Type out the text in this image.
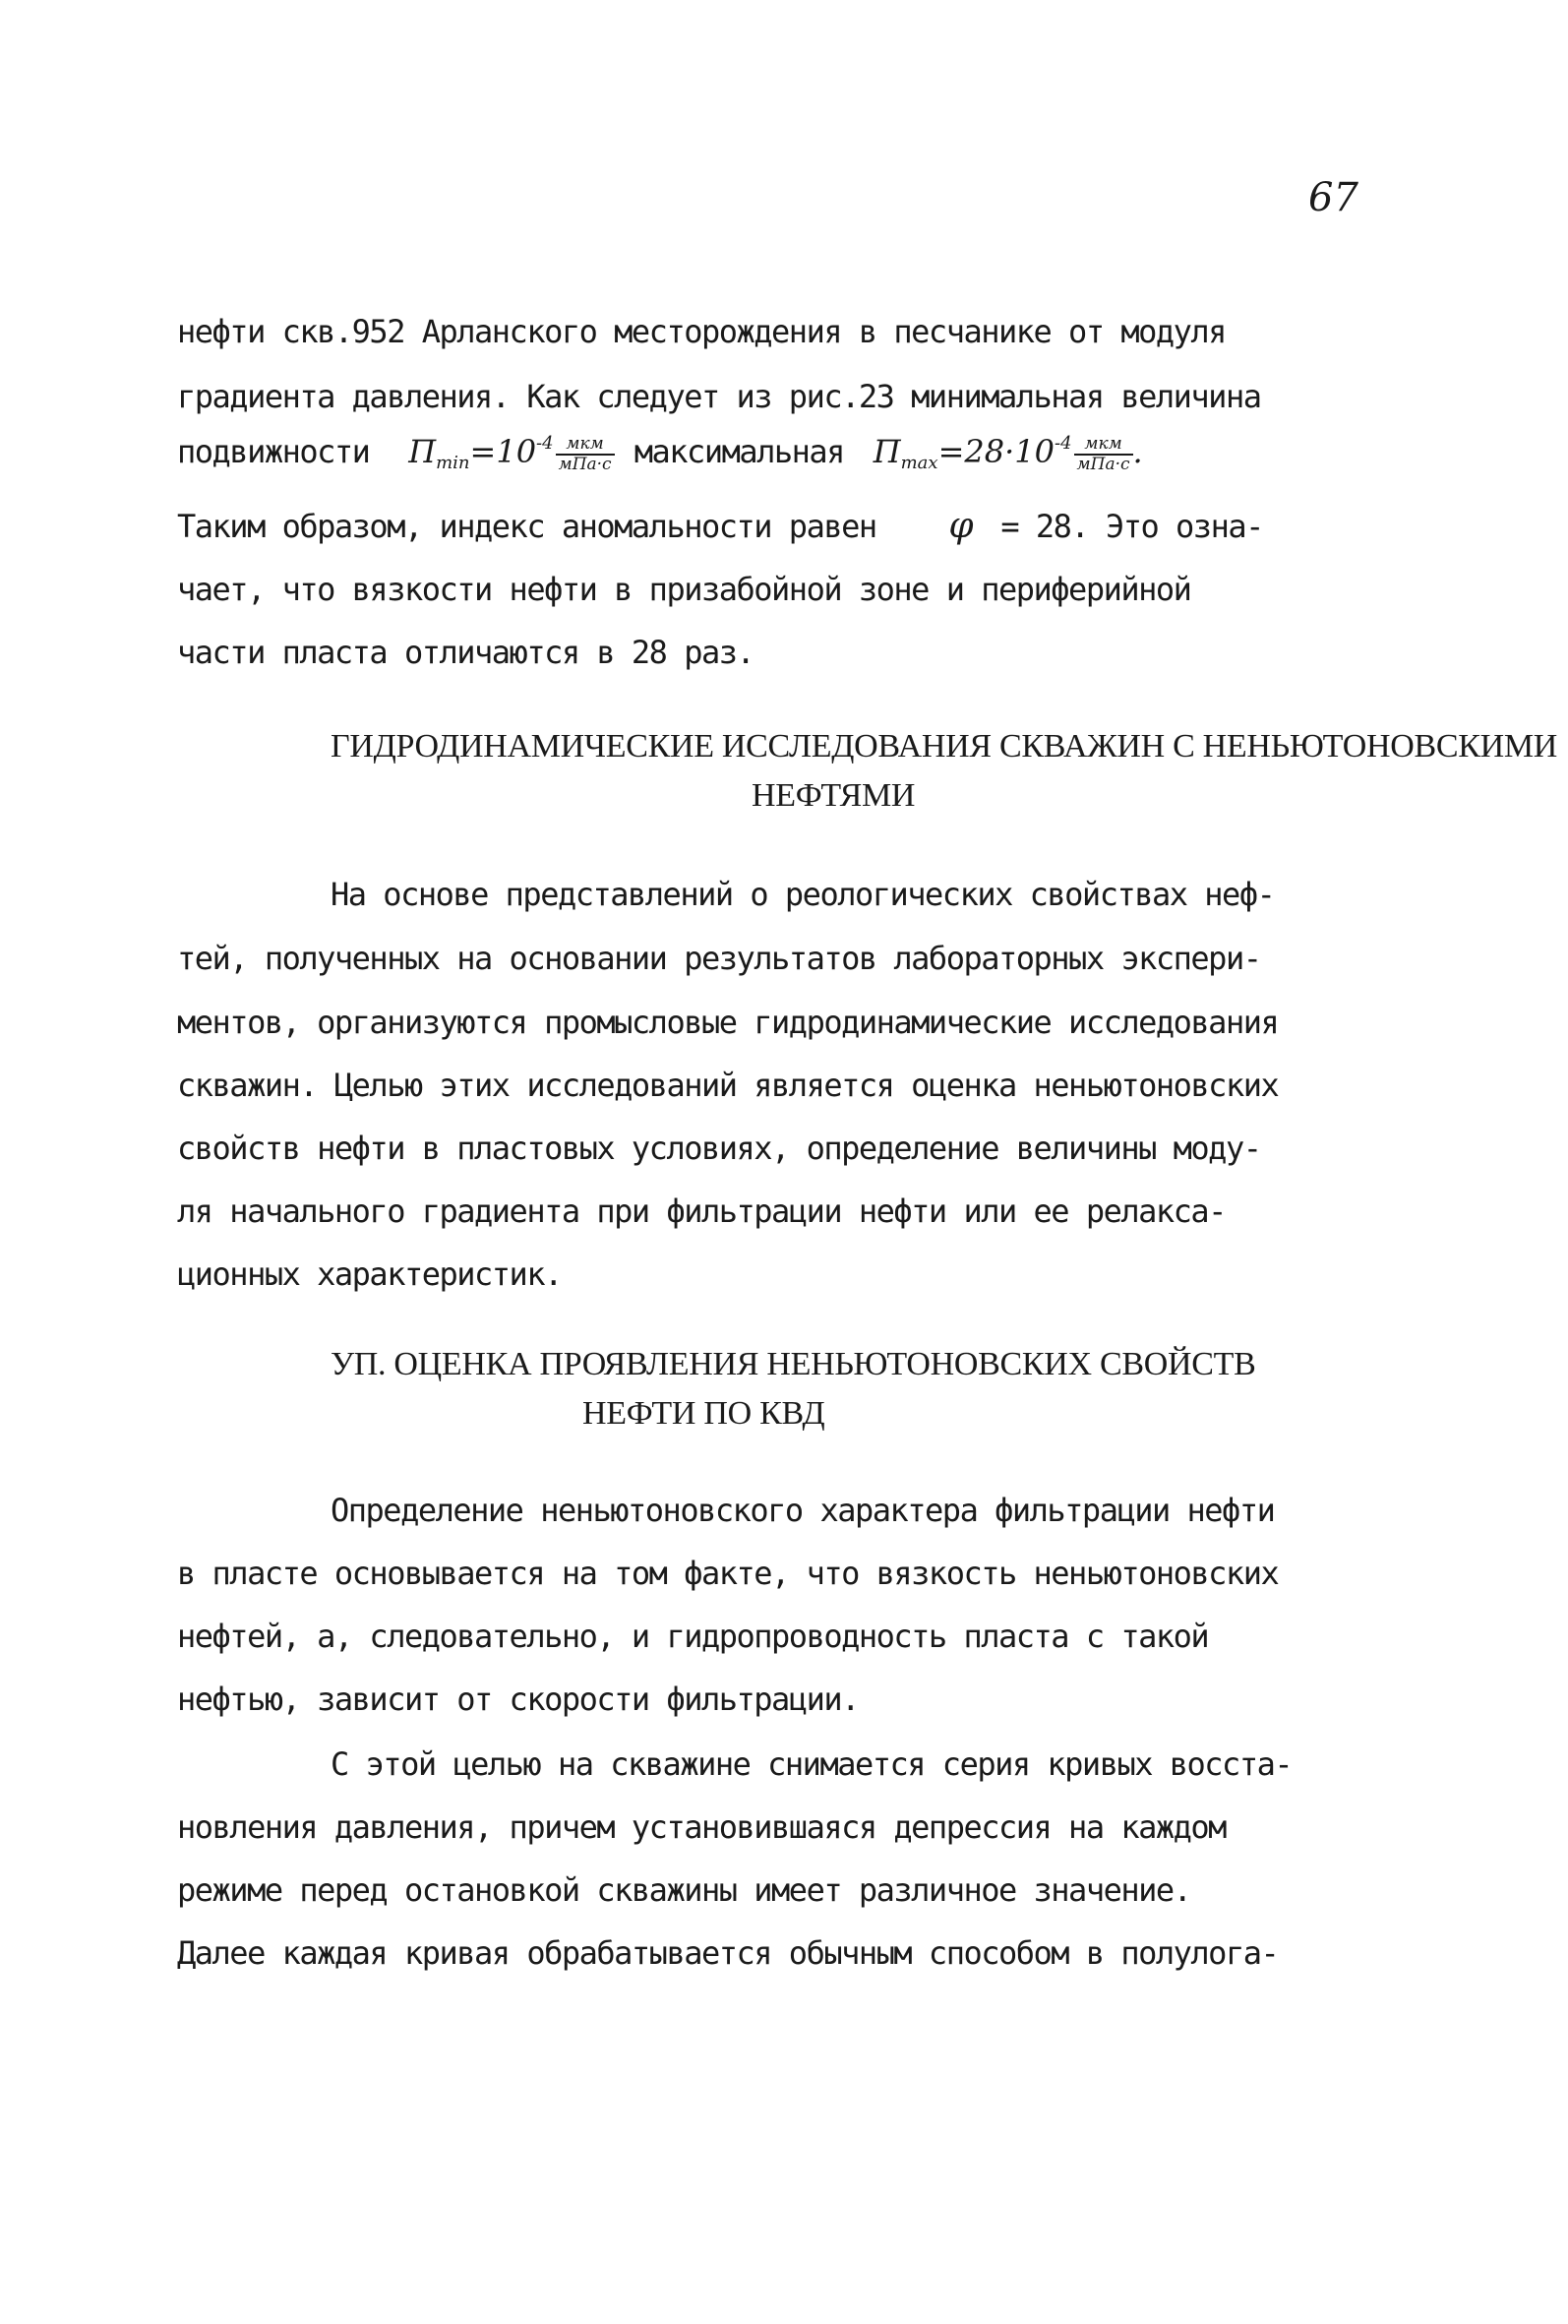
67
нефти скв.952 Арланского месторождения в песчанике от модуля
градиента давления. Как следует из рис.23 минимальная величина
подвижности $\Pi_{min}=10^{-4} \frac{\text{мкм}}{\text{мПа·с}}$ максимальная $\Pi_{max}=28\cdot 10^{-4} \frac{\text{мкм}}{\text{мПа·с}}$ .
Таким образом, индекс аномальности равен φ = 28. Это озна-
чает, что вязкости нефти в призабойной зоне и периферийной
части пласта отличаются в 28 раз.
ГИДРОДИНАМИЧЕСКИЕ ИССЛЕДОВАНИЯ СКВАЖИН С НЕНЬЮТОНОВСКИМИ
НЕФТЯМИ
На основе представлений о реологических свойствах неф-
тей, полученных на основании результатов лабораторных экспери-
ментов, организуются промысловые гидродинамические исследования
скважин. Целью этих исследований является оценка неньютоновских
свойств нефти в пластовых условиях, определение величины моду-
ля начального градиента при фильтрации нефти или ее релакса-
ционных характеристик.
УП. ОЦЕНКА ПРОЯВЛЕНИЯ НЕНЬЮТОНОВСКИХ СВОЙСТВ
НЕФТИ ПО КВД
Определение неньютоновского характера фильтрации нефти
в пласте основывается на том факте, что вязкость неньютоновских
нефтей, а, следовательно, и гидропроводность пласта с такой
нефтью, зависит от скорости фильтрации.
С этой целью на скважине снимается серия кривых восста-
новления давления, причем установившаяся депрессия на каждом
режиме перед остановкой скважины имеет различное значение.
Далее каждая кривая обрабатывается обычным способом в полулога-
